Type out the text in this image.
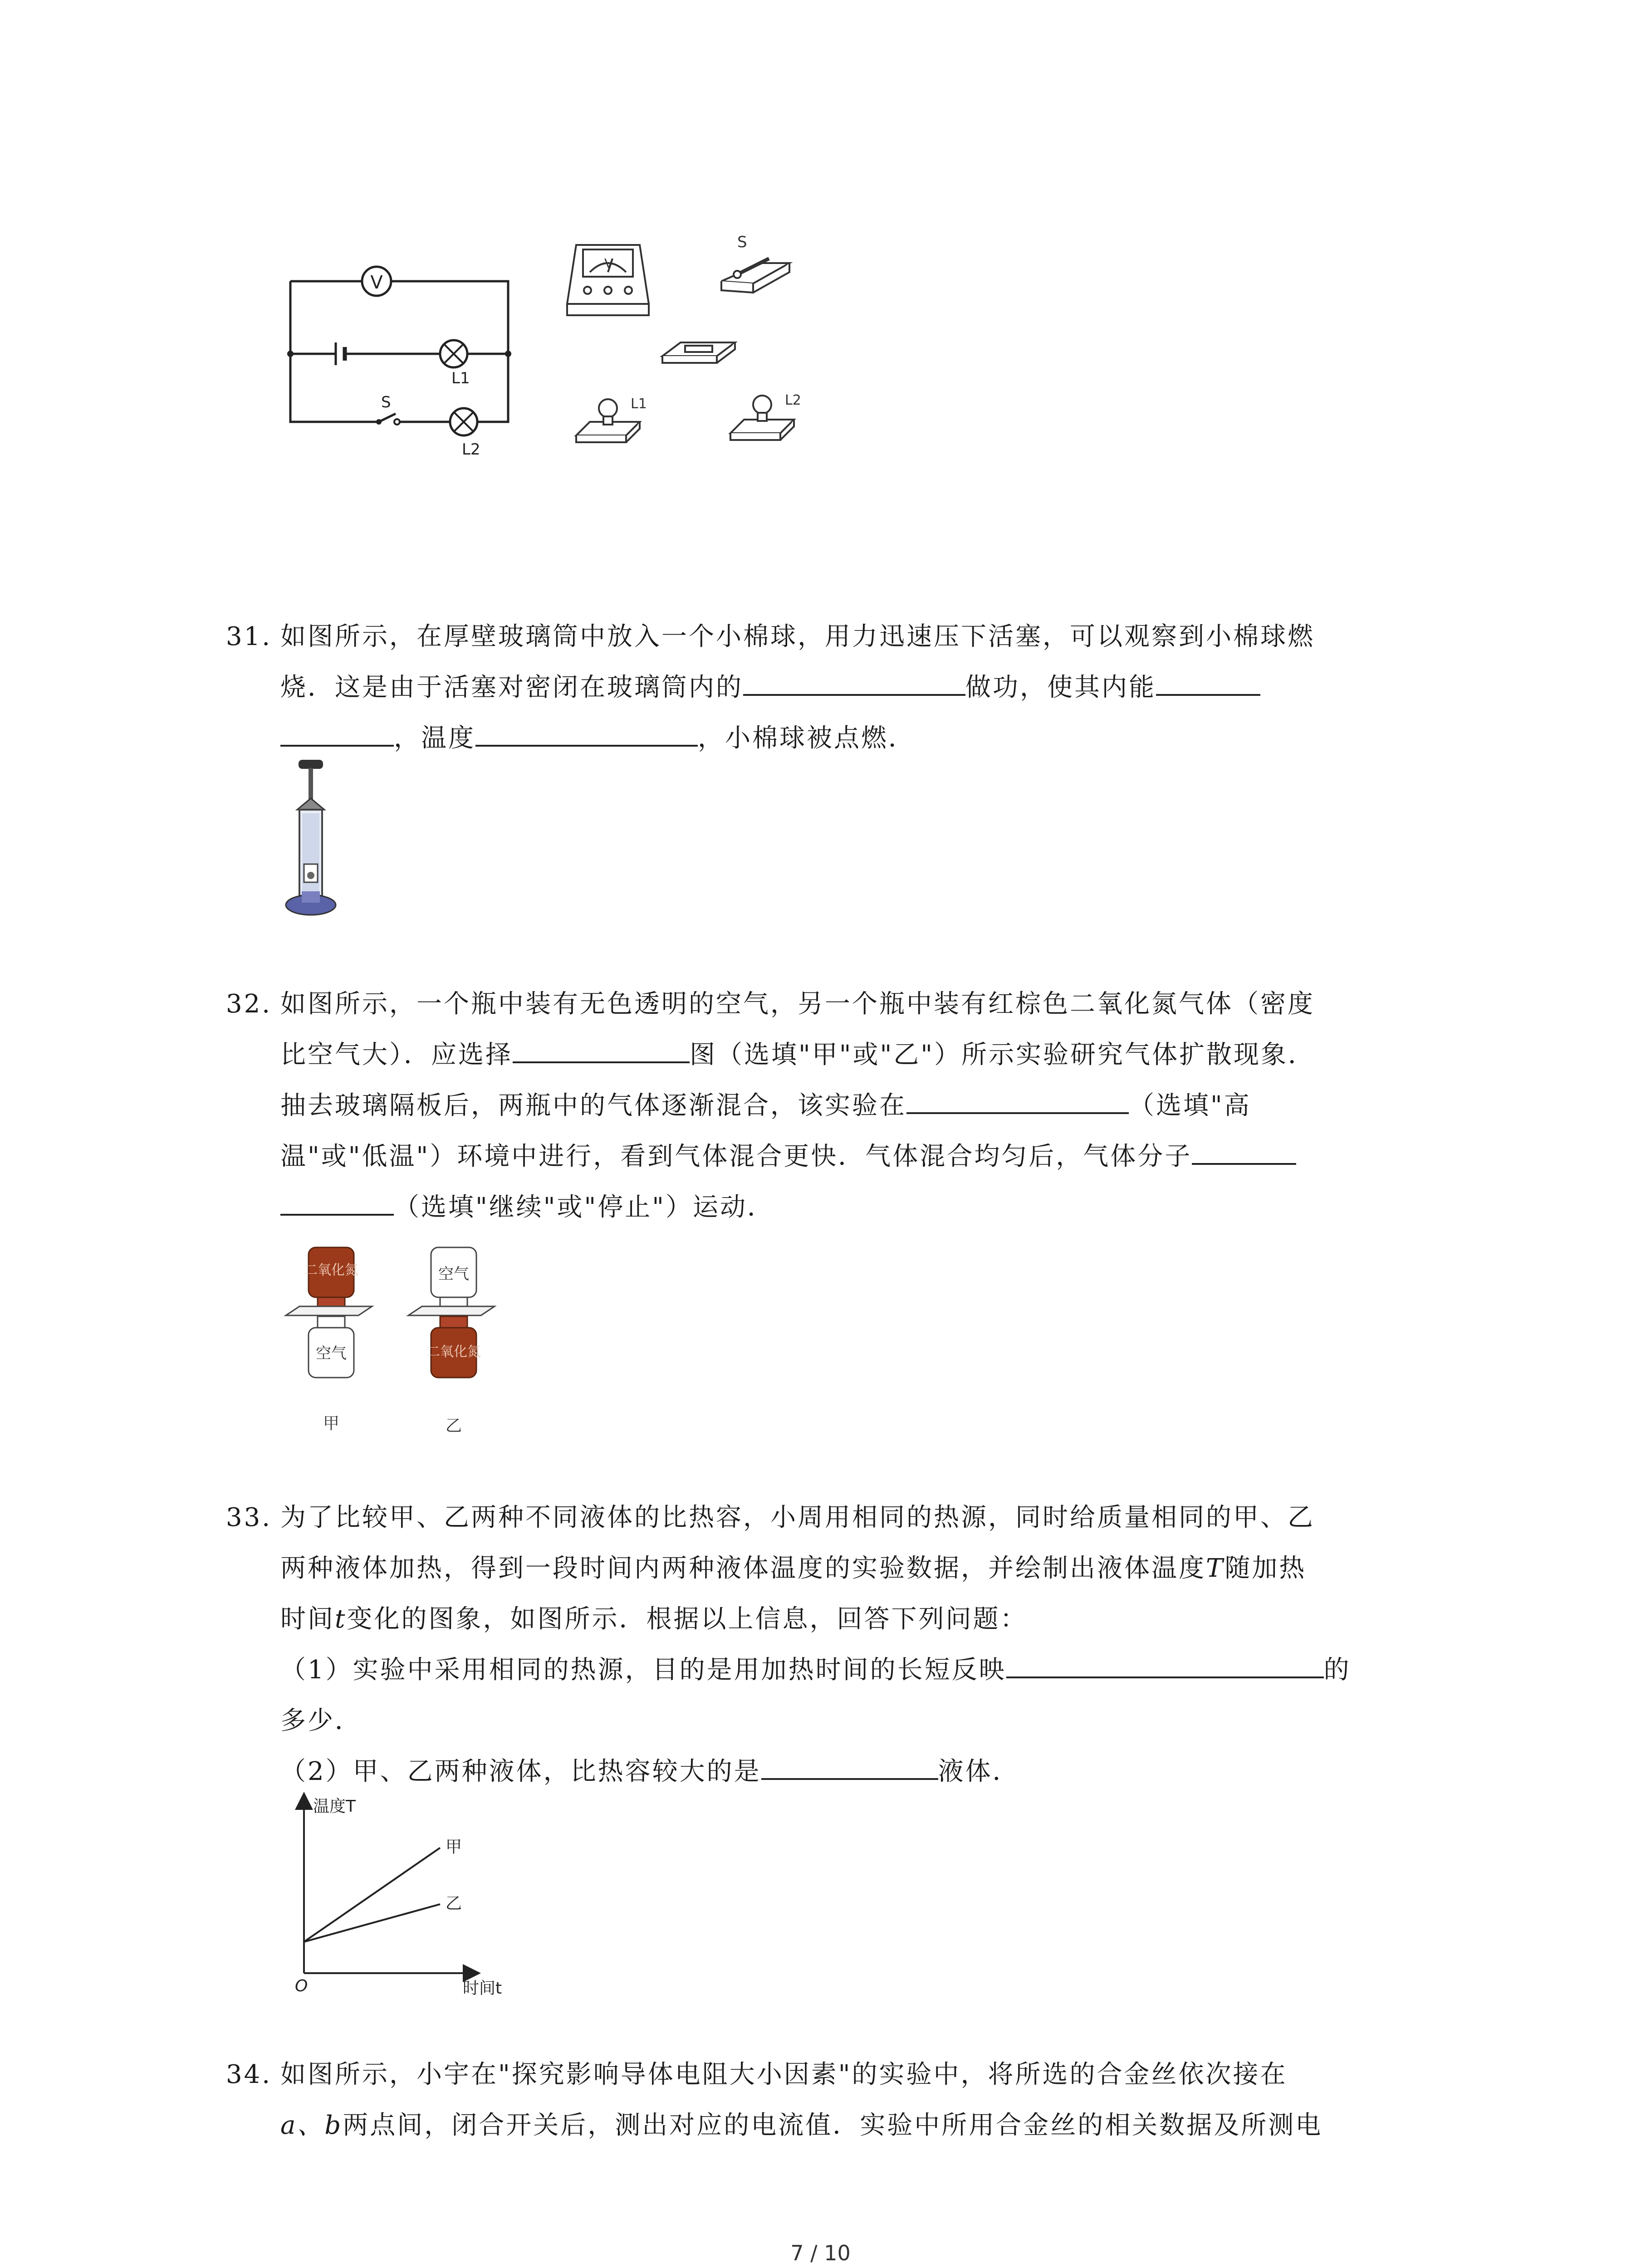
V
L1
L2
S
V
S
L1	L2
31. 如图所示，在厚壁玻璃筒中放入一个小棉球，用力迅速压下活塞，可以观察到小棉球燃
烧．这是由于活塞对密闭在玻璃筒内的	做功，使其内能
，温度	，小棉球被点燃．
32. 如图所示，一个瓶中装有无色透明的空气，另一个瓶中装有红棕色二氧化氮气体（密度
比空气大）．应选择	图（选填"甲"或"乙"）所示实验研究气体扩散现象．
抽去玻璃隔板后，两瓶中的气体逐渐混合，该实验在	（选填"高
温"或"低温"）环境中进行，看到气体混合更快．气体混合均匀后，气体分子
（选填"继续"或"停止"）运动．
二氧化氮
空气
甲
空气
二氧化氮
乙
33. 为了比较甲、乙两种不同液体的比热容，小周用相同的热源，同时给质量相同的甲、乙
两种液体加热，得到一段时间内两种液体温度的实验数据，并绘制出液体温度T随加热
时间t变化的图象，如图所示．根据以上信息，回答下列问题：
（1）实验中采用相同的热源，目的是用加热时间的长短反映	的
多少．
（2）甲、乙两种液体，比热容较大的是	液体．
温度T
时间t
O
甲
乙
34. 如图所示，小宇在"探究影响导体电阻大小因素"的实验中，将所选的合金丝依次接在
a、b两点间，闭合开关后，测出对应的电流值．实验中所用合金丝的相关数据及所测电
7 / 10
